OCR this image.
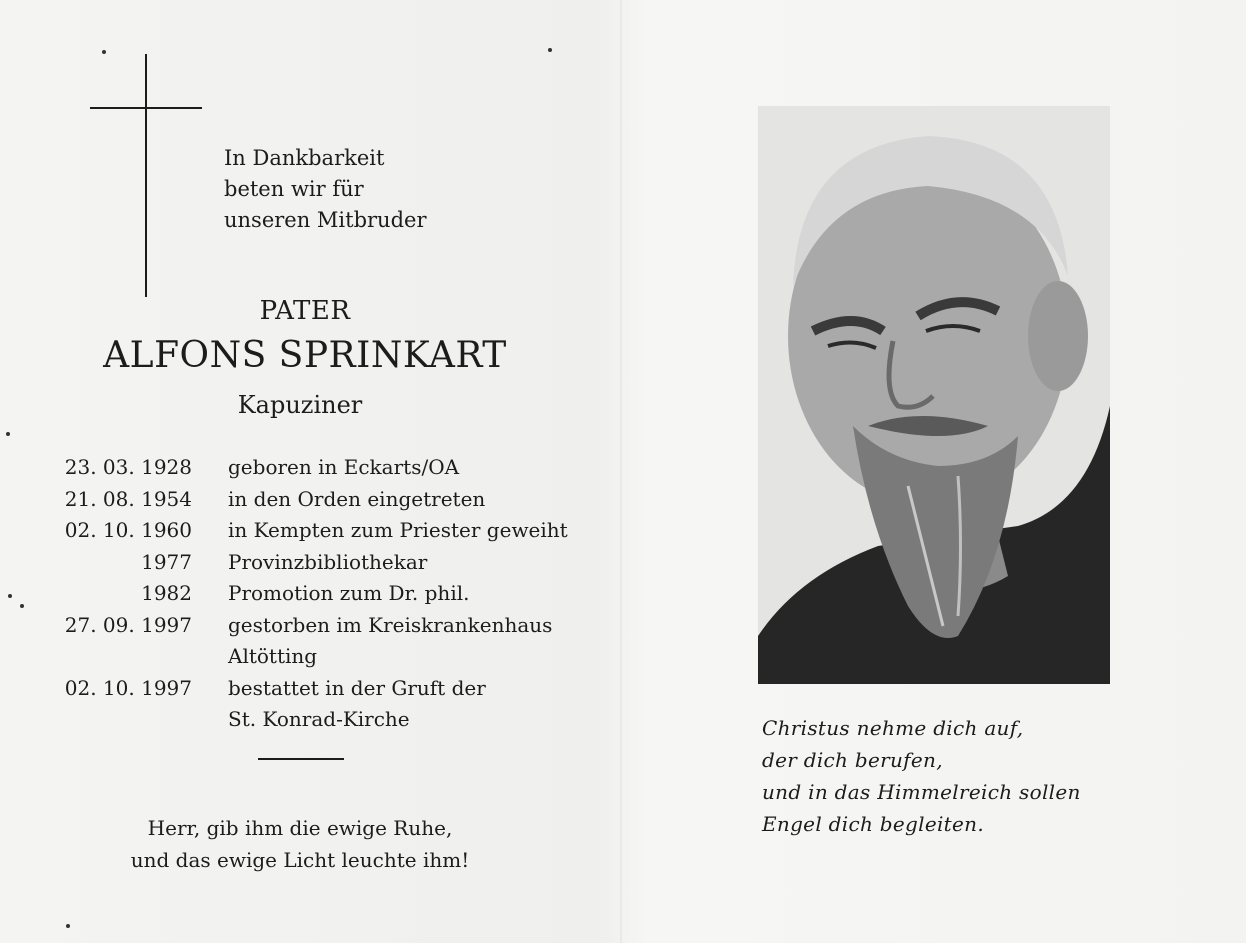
In Dankbarkeit
beten wir für
unseren Mitbruder
PATER
ALFONS SPRINKART
Kapuziner
23. 03. 1928	geboren in Eckarts/OA
21. 08. 1954	in den Orden eingetreten
02. 10. 1960	in Kempten zum Priester geweiht
1977	Provinzbibliothekar
1982	Promotion zum Dr. phil.
27. 09. 1997	gestorben im Kreiskrankenhaus
Altötting
02. 10. 1997	bestattet in der Gruft der
St. Konrad-Kirche
Herr, gib ihm die ewige Ruhe,
und das ewige Licht leuchte ihm!
Christus nehme dich auf,
der dich berufen,
und in das Himmelreich sollen
Engel dich begleiten.
